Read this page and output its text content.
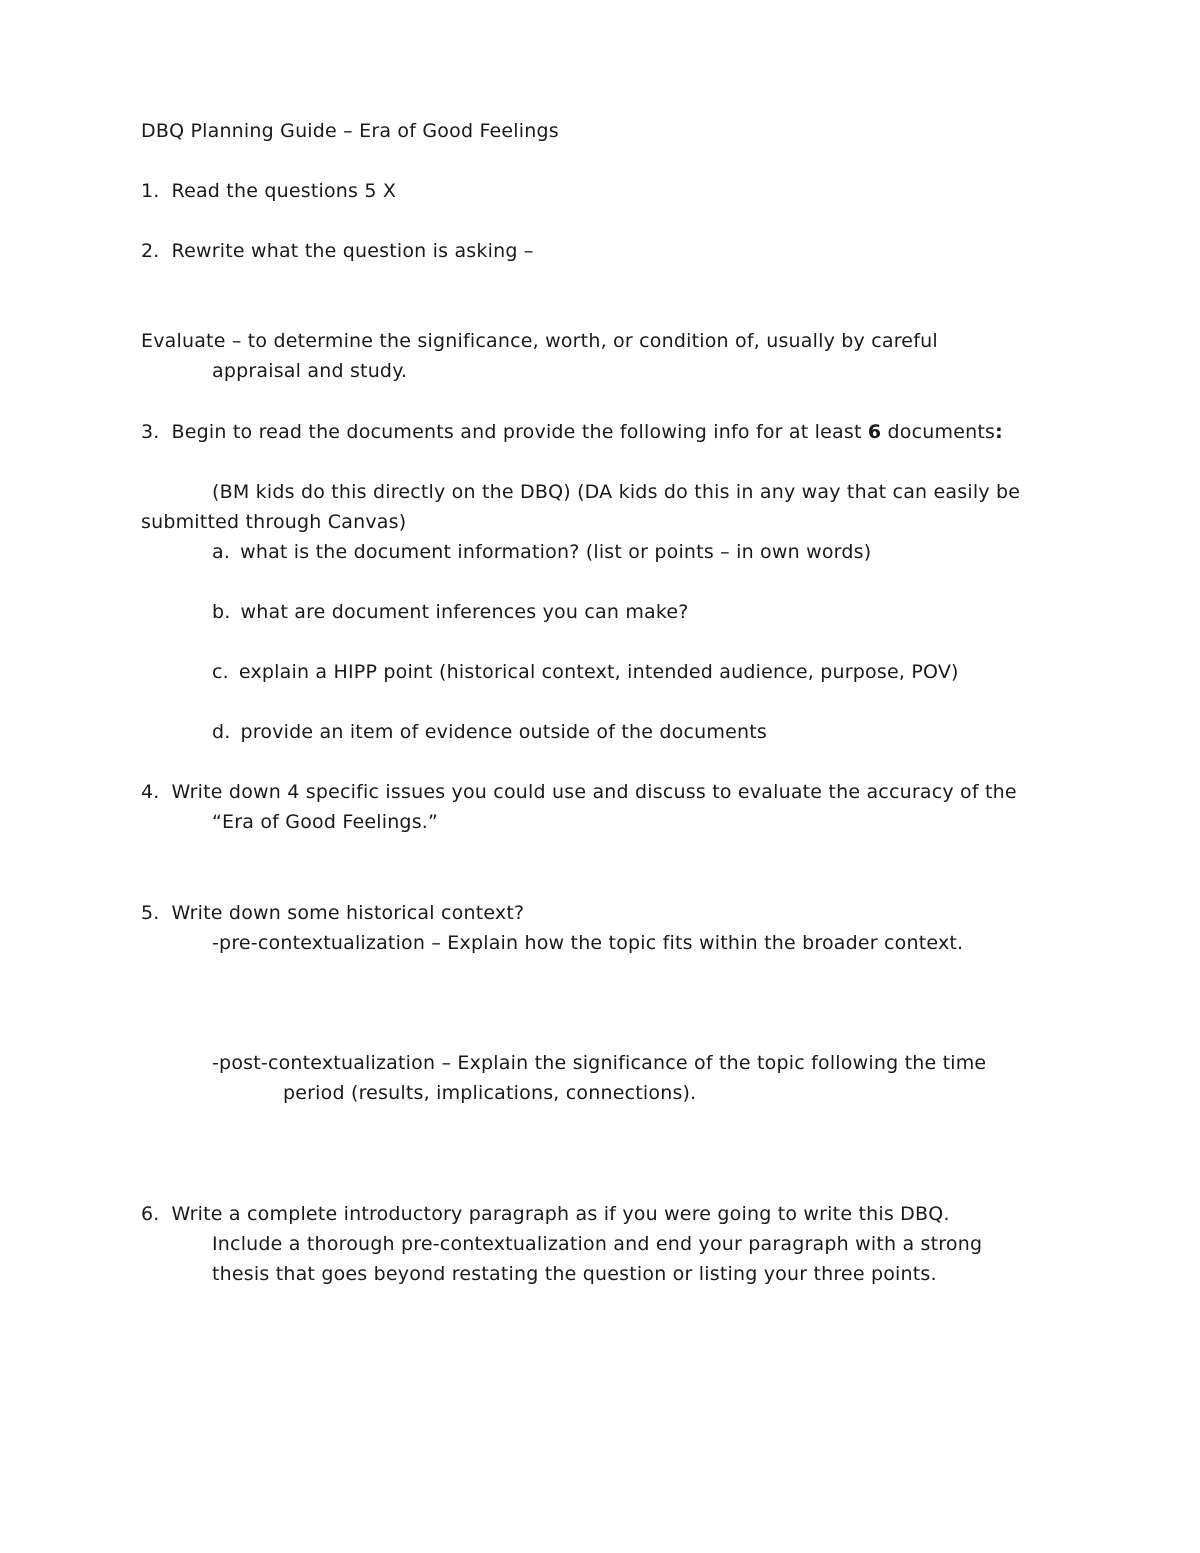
DBQ Planning Guide – Era of Good Feelings
1. Read the questions 5 X
2. Rewrite what the question is asking –
Evaluate – to determine the significance, worth, or condition of, usually by careful
appraisal and study.
3. Begin to read the documents and provide the following info for at least 6 documents:
(BM kids do this directly on the DBQ) (DA kids do this in any way that can easily be
submitted through Canvas)
a. what is the document information? (list or points – in own words)
b. what are document inferences you can make?
c. explain a HIPP point (historical context, intended audience, purpose, POV)
d. provide an item of evidence outside of the documents
4. Write down 4 specific issues you could use and discuss to evaluate the accuracy of the
“Era of Good Feelings.”
5. Write down some historical context?
-pre-contextualization – Explain how the topic fits within the broader context.
-post-contextualization – Explain the significance of the topic following the time
period (results, implications, connections).
6. Write a complete introductory paragraph as if you were going to write this DBQ.
Include a thorough pre-contextualization and end your paragraph with a strong
thesis that goes beyond restating the question or listing your three points.
